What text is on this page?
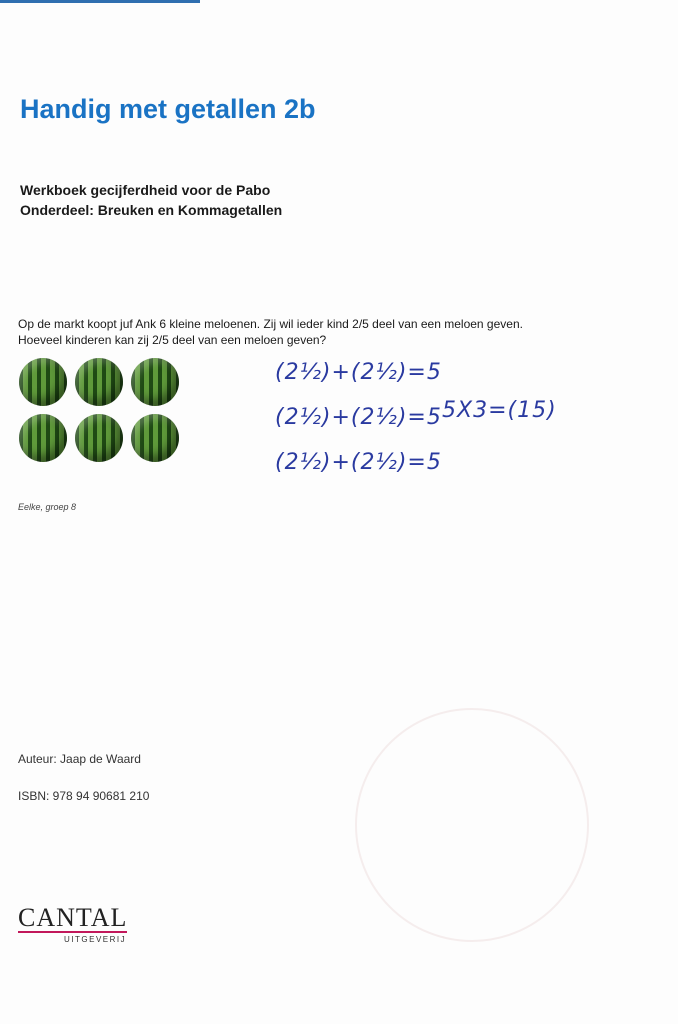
Handig met getallen 2b
Werkboek gecijferdheid voor de Pabo
Onderdeel: Breuken en Kommagetallen
Op de markt koopt juf Ank 6 kleine meloenen. Zij wil ieder kind 2/5 deel van een meloen geven.
Hoeveel kinderen kan zij 2/5 deel van een meloen geven?
Eelke, groep 8
(2½)+(2½)=5
(2½)+(2½)=5
(2½)+(2½)=5
5X3=(15)
Auteur: Jaap de Waard
ISBN: 978 94 90681 210
CANTAL
UITGEVERIJ
